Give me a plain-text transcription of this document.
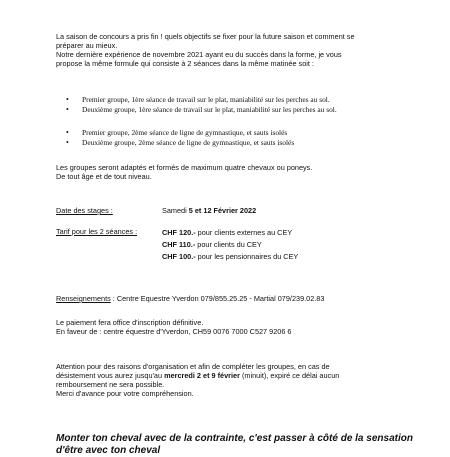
La saison de concours a pris fin ! quels objectifs se fixer pour la future saison et comment se
préparer au mieux.
Notre dernière expérience de novembre 2021 ayant eu du succès dans la forme, je vous
propose la même formule qui consiste à 2 séances dans la même matinée soit :
• Premier groupe, 1ère séance de travail sur le plat, maniabilité sur les perches au sol.
• Deuxième groupe, 1ère séance de travail sur le plat, maniabilité sur les perches au sol.
• Premier groupe, 2ème séance de ligne de gymnastique, et sauts isolés
• Deuxième groupe, 2ème séance de ligne de gymnastique, et sauts isolés
Les groupes seront adaptés et formés de maximum quatre chevaux ou poneys.
De tout âge et de tout niveau.
Date des stages :	Samedi 5 et 12 Février 2022
Tarif pour les 2 séances :	CHF 120.- pour clients externes au CEY
CHF 110.- pour clients du CEY
CHF 100.- pour les pensionnaires du CEY
Renseignements : Centre Equestre Yverdon 079/855.25.25 - Martial 079/239.02.83
Le paiement fera office d'inscription définitive.
En faveur de : centre équestre d'Yverdon, CH59 0076 7000 C527 9206 6
Attention pour des raisons d'organisation et afin de compléter les groupes, en cas de
désistement vous aurez jusqu'au mercredi 2 et 9 février (minuit), expiré ce délai aucun
remboursement ne sera possible.
Merci d'avance pour votre compréhension.
Monter ton cheval avec de la contrainte, c'est passer à côté de la sensation
d'être avec ton cheval
